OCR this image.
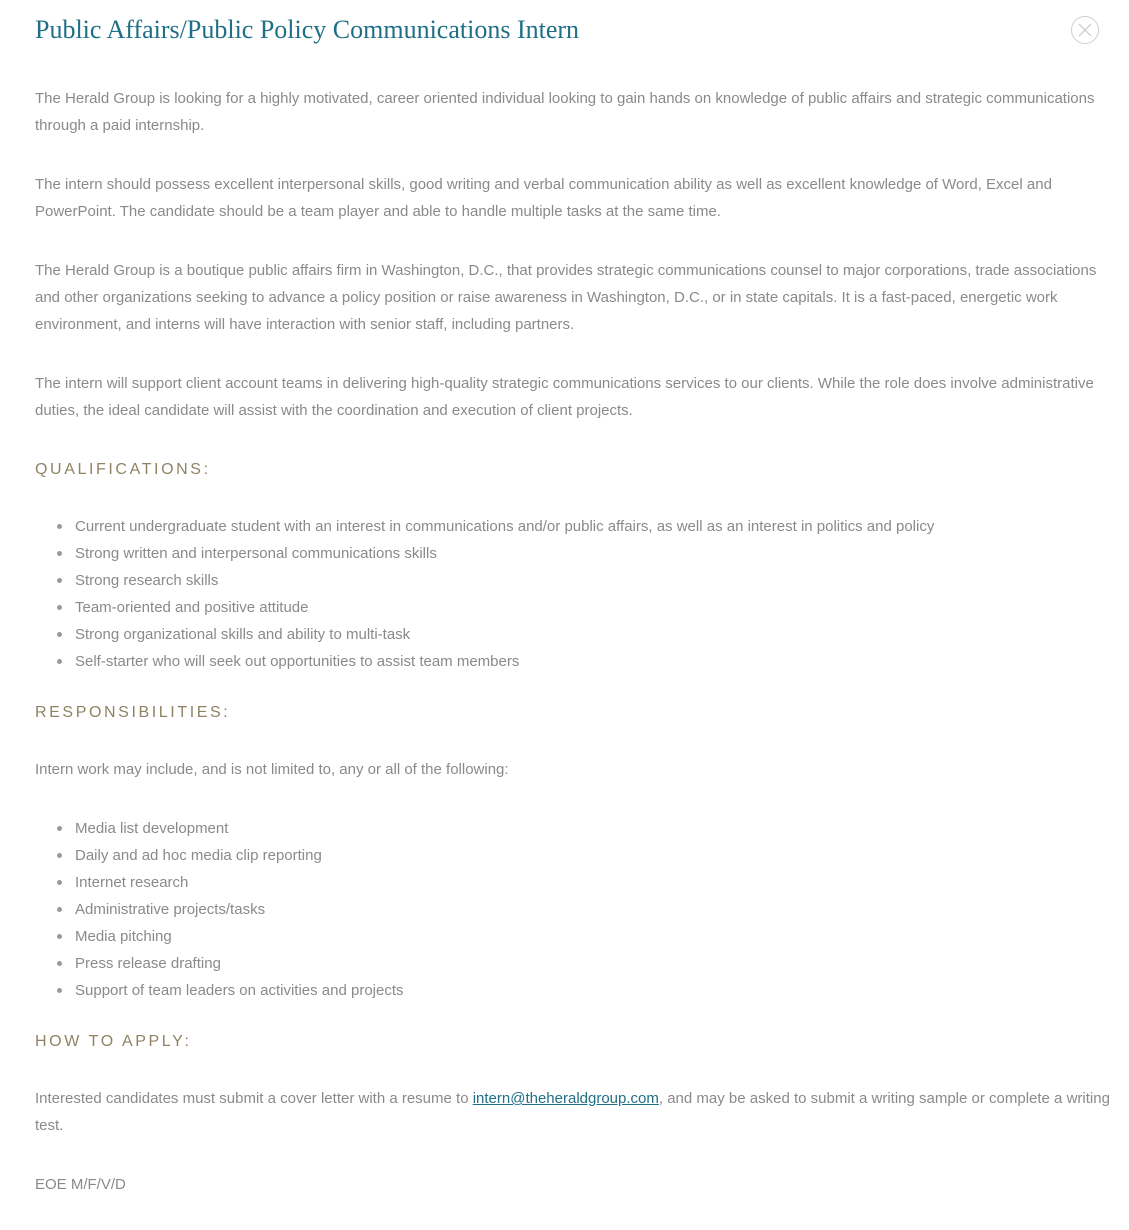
Public Affairs/Public Policy Communications Intern

The Herald Group is looking for a highly motivated, career oriented individual looking to gain hands on knowledge of public affairs and strategic communications through a paid internship.

The intern should possess excellent interpersonal skills, good writing and verbal communication ability as well as excellent knowledge of Word, Excel and PowerPoint. The candidate should be a team player and able to handle multiple tasks at the same time.

The Herald Group is a boutique public affairs firm in Washington, D.C., that provides strategic communications counsel to major corporations, trade associations and other organizations seeking to advance a policy position or raise awareness in Washington, D.C., or in state capitals. It is a fast-paced, energetic work environment, and interns will have interaction with senior staff, including partners.

The intern will support client account teams in delivering high-quality strategic communications services to our clients. While the role does involve administrative duties, the ideal candidate will assist with the coordination and execution of client projects.

QUALIFICATIONS:
Current undergraduate student with an interest in communications and/or public affairs, as well as an interest in politics and policy
Strong written and interpersonal communications skills
Strong research skills
Team-oriented and positive attitude
Strong organizational skills and ability to multi-task
Self-starter who will seek out opportunities to assist team members
RESPONSIBILITIES:

Intern work may include, and is not limited to, any or all of the following:

Media list development
Daily and ad hoc media clip reporting
Internet research
Administrative projects/tasks
Media pitching
Press release drafting
Support of team leaders on activities and projects
HOW TO APPLY:

Interested candidates must submit a cover letter with a resume to intern@theheraldgroup.com, and may be asked to submit a writing sample or complete a writing test.

EOE M/F/V/D
